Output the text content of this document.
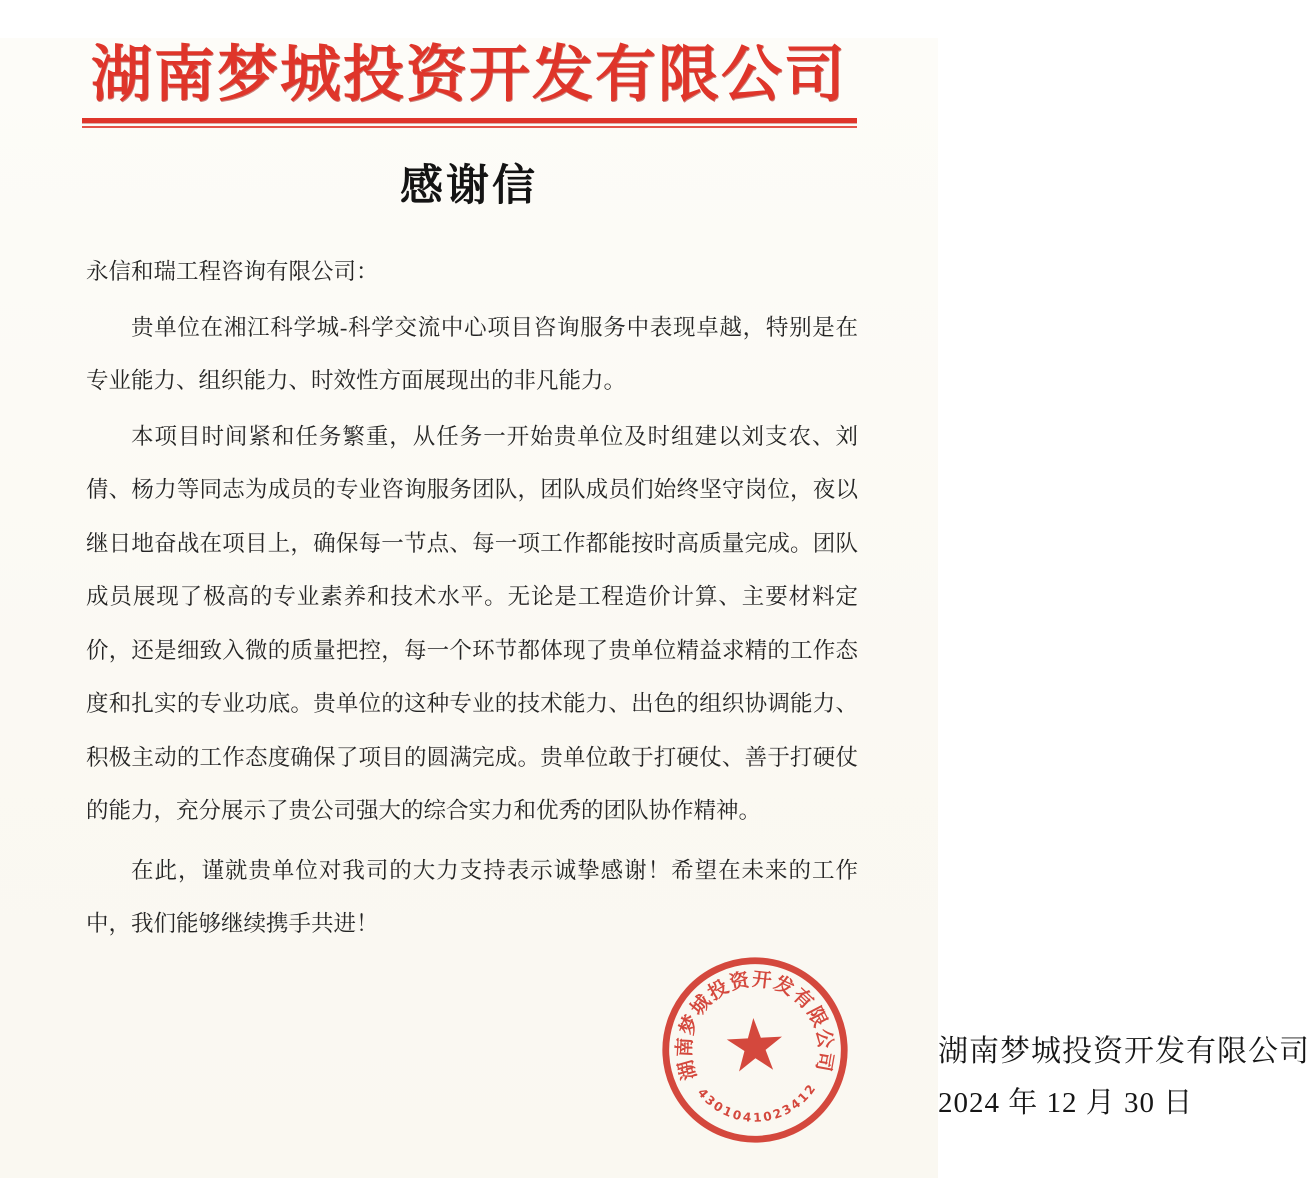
湖南梦城投资开发有限公司
感谢信

永信和瑞工程咨询有限公司：

贵单位在湘江科学城-科学交流中心项目咨询服务中表现卓越，特别是在专业能力、组织能力、时效性方面展现出的非凡能力。

本项目时间紧和任务繁重，从任务一开始贵单位及时组建以刘支农、刘倩、杨力等同志为成员的专业咨询服务团队，团队成员们始终坚守岗位，夜以继日地奋战在项目上，确保每一节点、每一项工作都能按时高质量完成。团队成员展现了极高的专业素养和技术水平。无论是工程造价计算、主要材料定价，还是细致入微的质量把控，每一个环节都体现了贵单位精益求精的工作态度和扎实的专业功底。贵单位的这种专业的技术能力、出色的组织协调能力、积极主动的工作态度确保了项目的圆满完成。贵单位敢于打硬仗、善于打硬仗的能力，充分展示了贵公司强大的综合实力和优秀的团队协作精神。

在此，谨就贵单位对我司的大力支持表示诚挚感谢！希望在未来的工作中，我们能够继续携手共进！

湖南梦城投资开发有限公司
2024 年 12 月 30 日
湖南梦城投资开发有限公司
4301041023412
